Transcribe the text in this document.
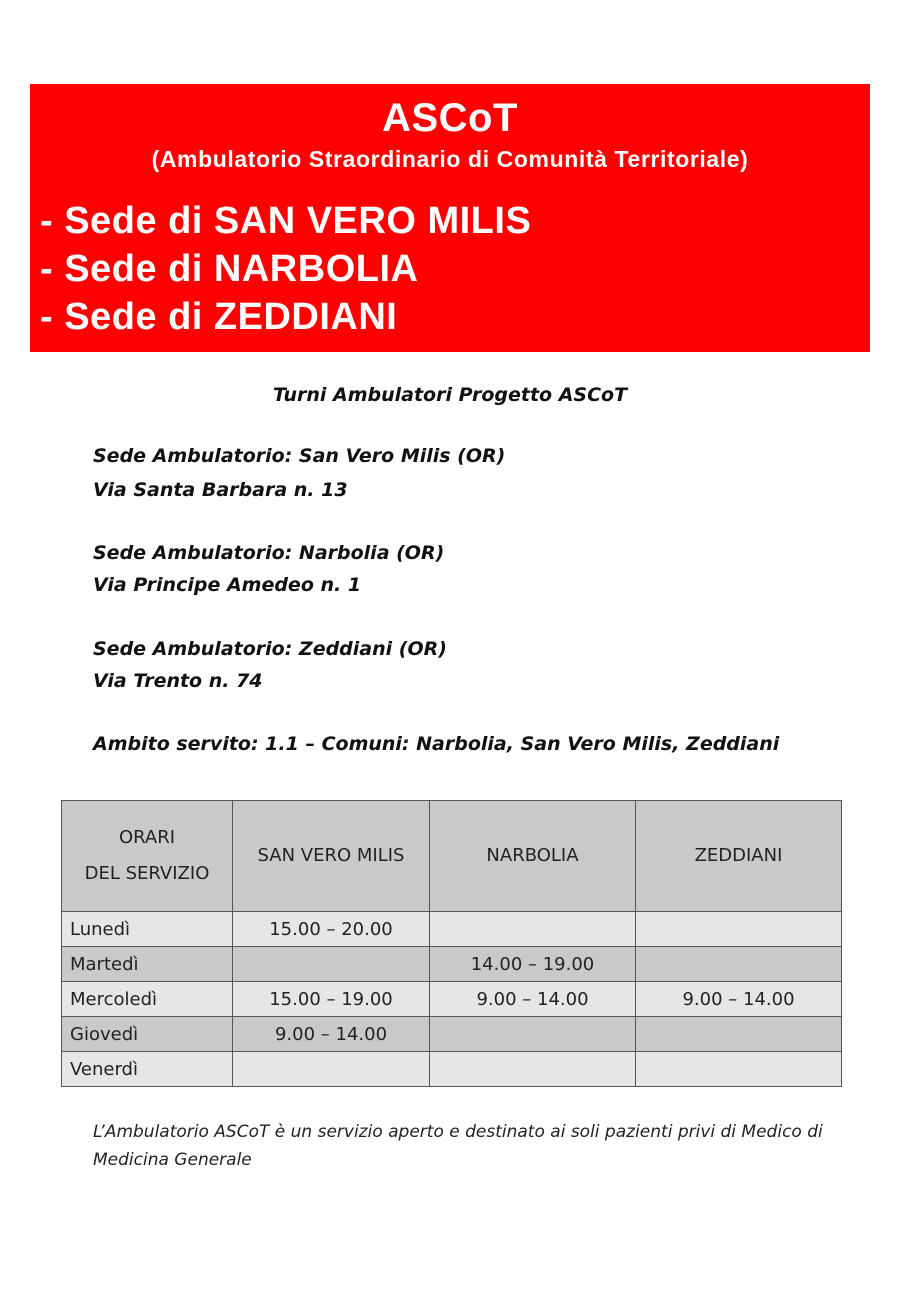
ASCoT
(Ambulatorio Straordinario di Comunità Territoriale)
- Sede di SAN VERO MILIS
- Sede di NARBOLIA
- Sede di ZEDDIANI
Turni Ambulatori Progetto ASCoT
Sede Ambulatorio: San Vero Milis (OR)
Via Santa Barbara n. 13
Sede Ambulatorio: Narbolia (OR)
Via Principe Amedeo n. 1
Sede Ambulatorio: Zeddiani (OR)
Via Trento n. 74
Ambito servito: 1.1 – Comuni: Narbolia, San Vero Milis, Zeddiani
ORARI
DEL SERVIZIO	SAN VERO MILIS	NARBOLIA	ZEDDIANI
Lunedì	15.00 – 20.00		
Martedì		14.00 – 19.00	
Mercoledì	15.00 – 19.00	9.00 – 14.00	9.00 – 14.00
Giovedì	9.00 – 14.00		
Venerdì			
L’Ambulatorio ASCoT è un servizio aperto e destinato ai soli pazienti privi di Medico di Medicina Generale
